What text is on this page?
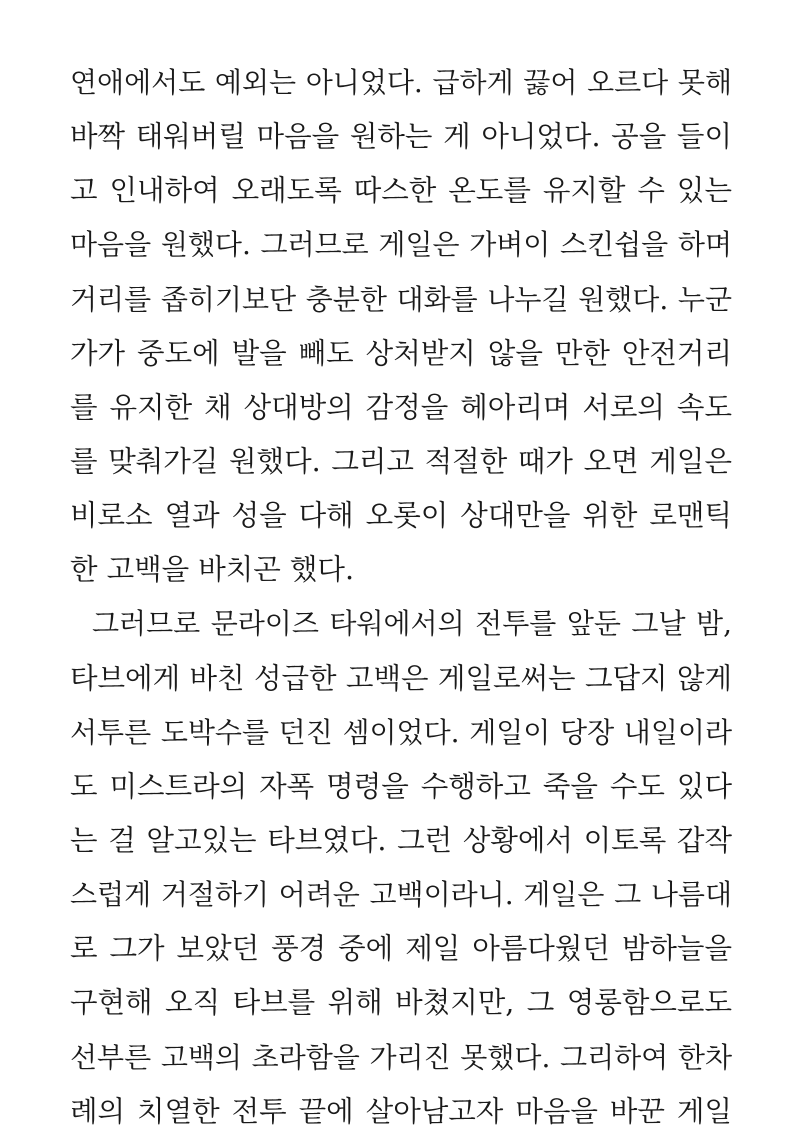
연애에서도 예외는 아니었다. 급하게 끓어 오르다 못해
바짝 태워버릴 마음을 원하는 게 아니었다. 공을 들이
고 인내하여 오래도록 따스한 온도를 유지할 수 있는
마음을 원했다. 그러므로 게일은 가벼이 스킨쉽을 하며
거리를 좁히기보단 충분한 대화를 나누길 원했다. 누군
가가 중도에 발을 빼도 상처받지 않을 만한 안전거리
를 유지한 채 상대방의 감정을 헤아리며 서로의 속도
를 맞춰가길 원했다. 그리고 적절한 때가 오면 게일은
비로소 열과 성을 다해 오롯이 상대만을 위한 로맨틱
한 고백을 바치곤 했다.
그러므로 문라이즈 타워에서의 전투를 앞둔 그날 밤,
타브에게 바친 성급한 고백은 게일로써는 그답지 않게
서투른 도박수를 던진 셈이었다. 게일이 당장 내일이라
도 미스트라의 자폭 명령을 수행하고 죽을 수도 있다
는 걸 알고있는 타브였다. 그런 상황에서 이토록 갑작
스럽게 거절하기 어려운 고백이라니. 게일은 그 나름대
로 그가 보았던 풍경 중에 제일 아름다웠던 밤하늘을
구현해 오직 타브를 위해 바쳤지만, 그 영롱함으로도
선부른 고백의 초라함을 가리진 못했다. 그리하여 한차
례의 치열한 전투 끝에 살아남고자 마음을 바꾼 게일
